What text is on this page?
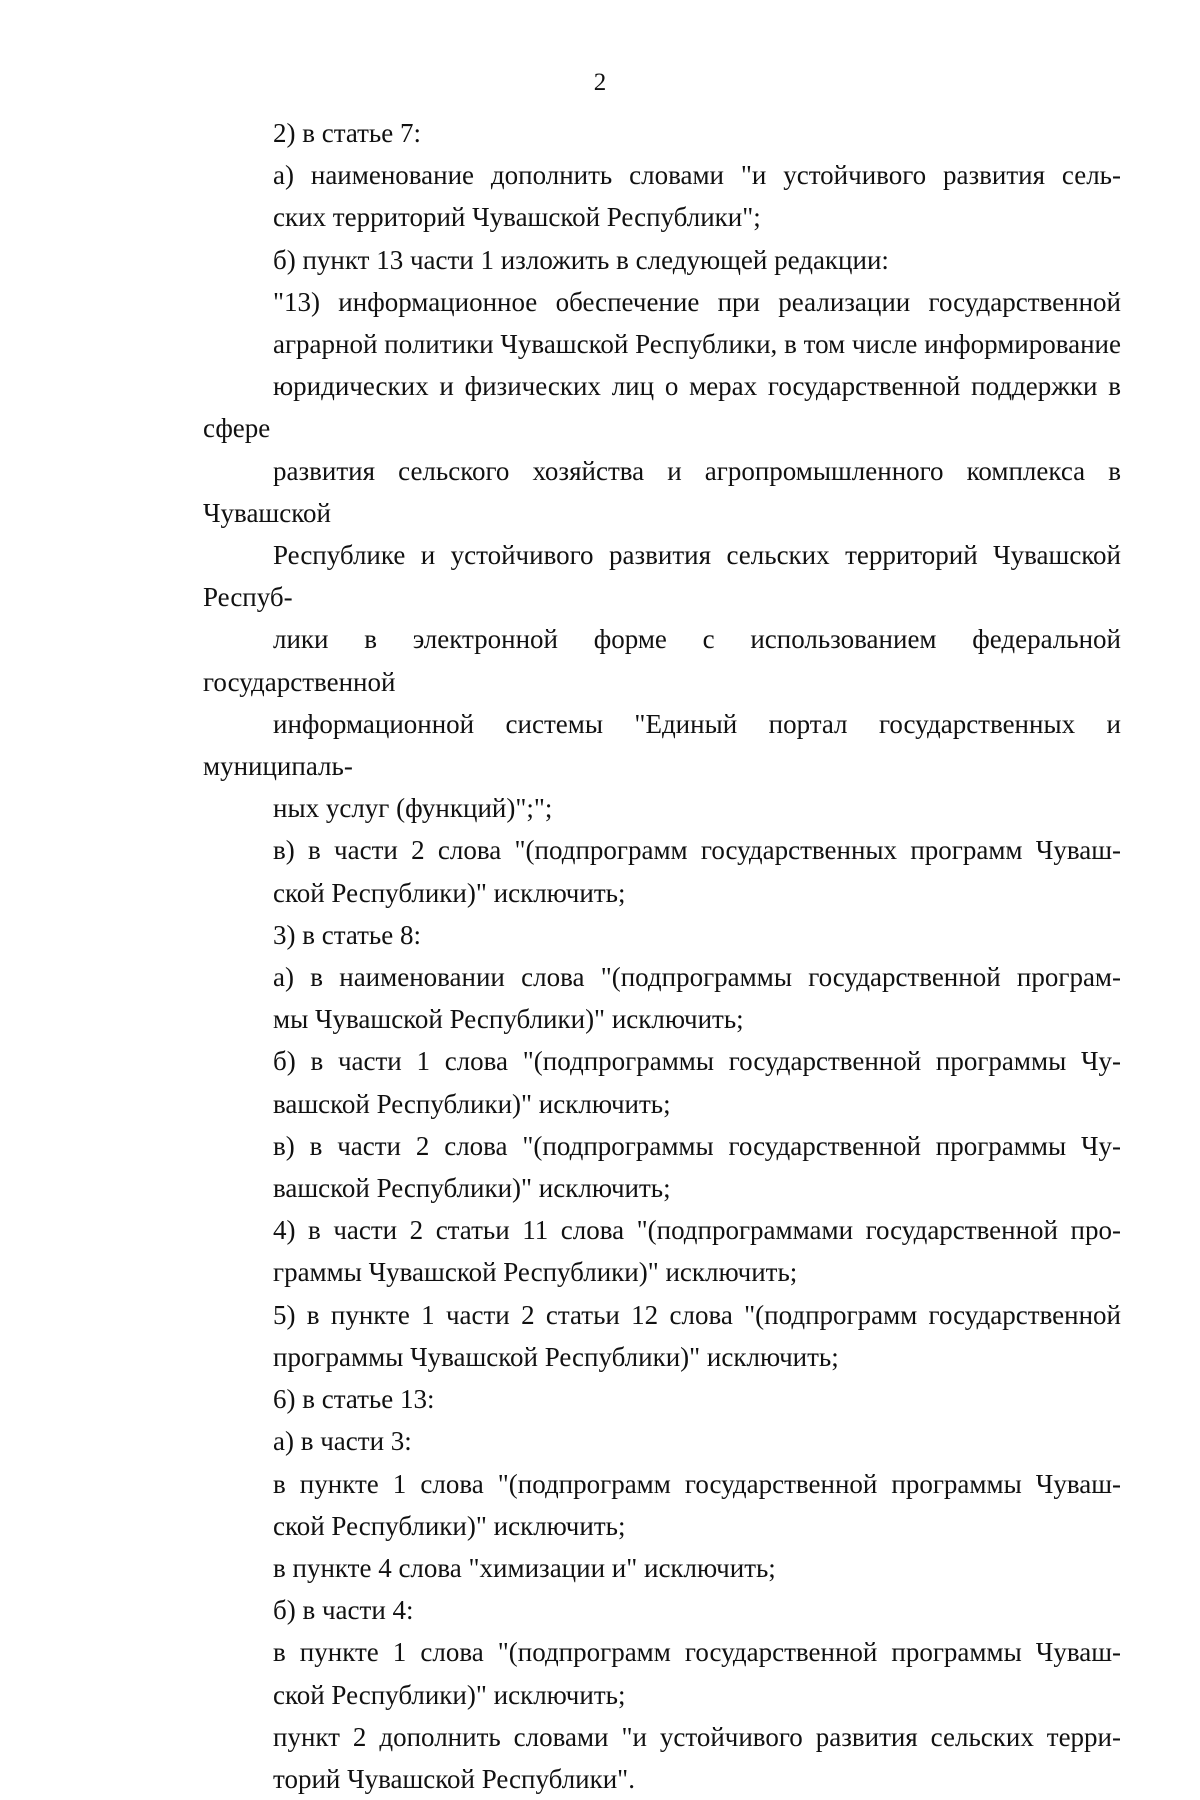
2

2) в статье 7:

а) наименование дополнить словами "и устойчивого развития сель-
ских территорий Чувашской Республики";

б) пункт 13 части 1 изложить в следующей редакции:

"13) информационное обеспечение при реализации государственной
аграрной политики Чувашской Республики, в том числе информирование
юридических и физических лиц о мерах государственной поддержки в сфере
развития сельского хозяйства и агропромышленного комплекса в Чувашской
Республике и устойчивого развития сельских территорий Чувашской Респуб-
лики в электронной форме с использованием федеральной государственной
информационной системы "Единый портал государственных и муниципаль-
ных услуг (функций)";";

в) в части 2 слова "(подпрограмм государственных программ Чуваш-
ской Республики)" исключить;

3) в статье 8:

а) в наименовании слова "(подпрограммы государственной програм-
мы Чувашской Республики)" исключить;

б) в части 1 слова "(подпрограммы государственной программы Чу-
вашской Республики)" исключить;

в) в части 2 слова "(подпрограммы государственной программы Чу-
вашской Республики)" исключить;

4) в части 2 статьи 11 слова "(подпрограммами государственной про-
граммы Чувашской Республики)" исключить;

5) в пункте 1 части 2 статьи 12 слова "(подпрограмм государственной
программы Чувашской Республики)" исключить;

6) в статье 13:

а) в части 3:

в пункте 1 слова "(подпрограмм государственной программы Чуваш-
ской Республики)" исключить;

в пункте 4 слова "химизации и" исключить;

б) в части 4:

в пункте 1 слова "(подпрограмм государственной программы Чуваш-
ской Республики)" исключить;

пункт 2 дополнить словами "и устойчивого развития сельских терри-
торий Чувашской Республики".
